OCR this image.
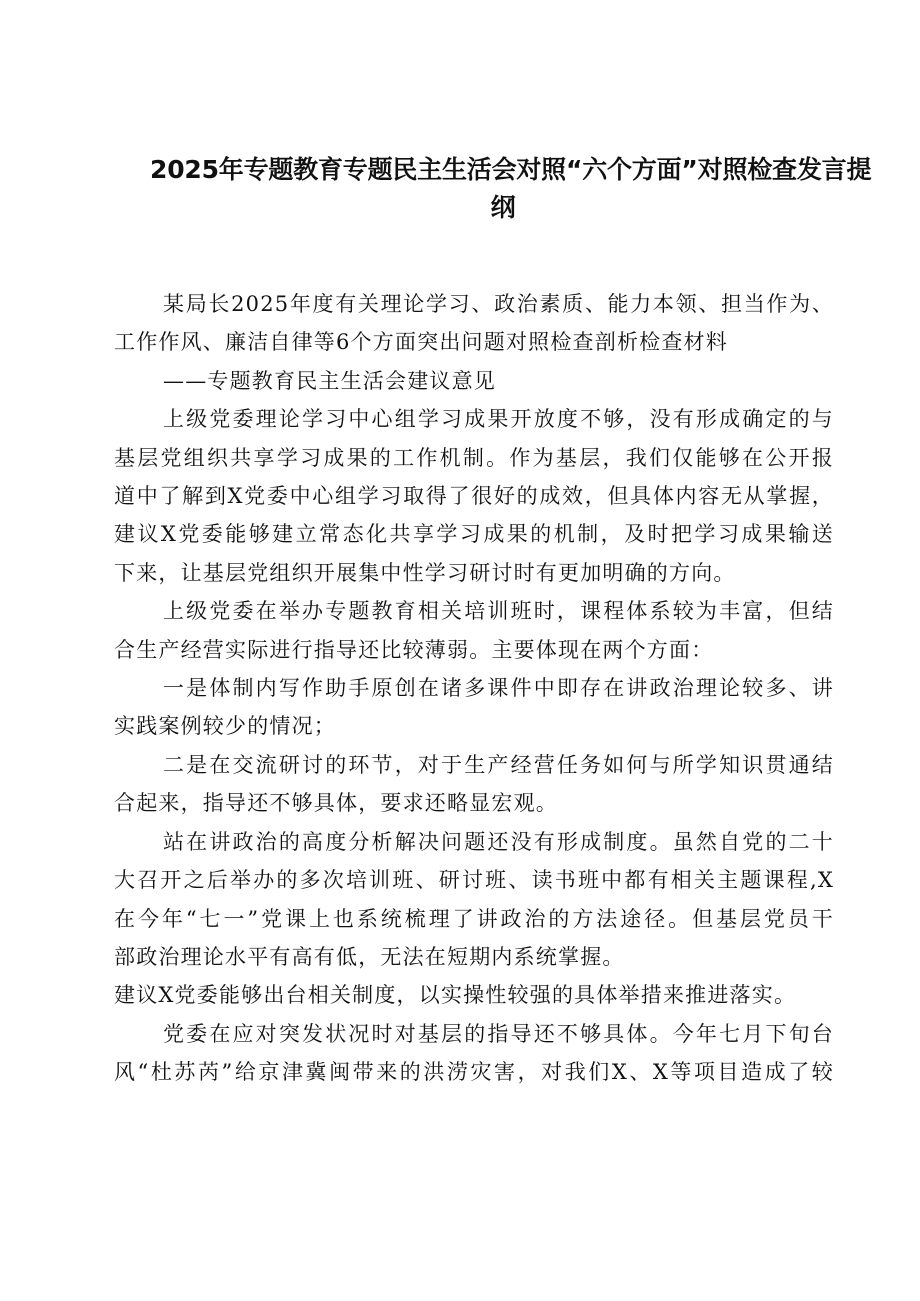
2025年专题教育专题民主生活会对照“六个方面”对照检查发言提
纲

某局长2025年度有关理论学习、政治素质、能力本领、担当作为、
工作作风、廉洁自律等6个方面突出问题对照检查剖析检查材料

——专题教育民主生活会建议意见

上级党委理论学习中心组学习成果开放度不够，没有形成确定的与
基层党组织共享学习成果的工作机制。作为基层，我们仅能够在公开报
道中了解到X党委中心组学习取得了很好的成效，但具体内容无从掌握，
建议X党委能够建立常态化共享学习成果的机制，及时把学习成果输送
下来，让基层党组织开展集中性学习研讨时有更加明确的方向。

上级党委在举办专题教育相关培训班时，课程体系较为丰富，但结
合生产经营实际进行指导还比较薄弱。主要体现在两个方面：

一是体制内写作助手原创在诸多课件中即存在讲政治理论较多、讲
实践案例较少的情况；

二是在交流研讨的环节，对于生产经营任务如何与所学知识贯通结
合起来，指导还不够具体，要求还略显宏观。

站在讲政治的高度分析解决问题还没有形成制度。虽然自党的二十
大召开之后举办的多次培训班、研讨班、读书班中都有相关主题课程,X
在今年“七一”党课上也系统梳理了讲政治的方法途径。但基层党员干
部政治理论水平有高有低，无法在短期内系统掌握。

建议X党委能够出台相关制度，以实操性较强的具体举措来推进落实。

党委在应对突发状况时对基层的指导还不够具体。今年七月下旬台
风“杜苏芮”给京津冀闽带来的洪涝灾害，对我们X、X等项目造成了较
